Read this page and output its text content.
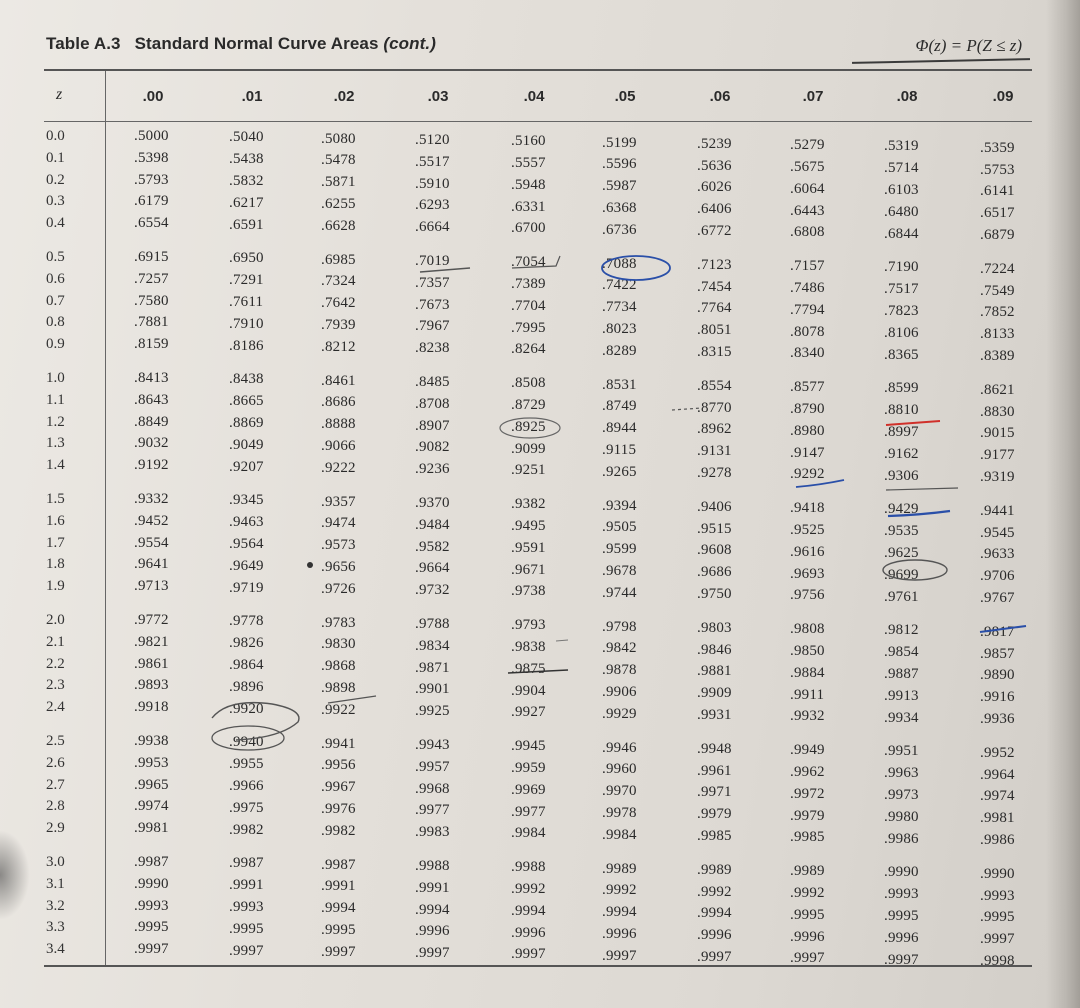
Table A.3 Standard Normal Curve Areas (cont.)	Φ(z) = P(Z ≤ z)
z	.00	.01	.02	.03	.04	.05	.06	.07	.08	.09
0.0	.5000	.5040	.5080	.5120	.5160	.5199	.5239	.5279	.5319	.5359
0.1	.5398	.5438	.5478	.5517	.5557	.5596	.5636	.5675	.5714	.5753
0.2	.5793	.5832	.5871	.5910	.5948	.5987	.6026	.6064	.6103	.6141
0.3	.6179	.6217	.6255	.6293	.6331	.6368	.6406	.6443	.6480	.6517
0.4	.6554	.6591	.6628	.6664	.6700	.6736	.6772	.6808	.6844	.6879
0.5	.6915	.6950	.6985	.7019	.7054	.7088	.7123	.7157	.7190	.7224
0.6	.7257	.7291	.7324	.7357	.7389	.7422	.7454	.7486	.7517	.7549
0.7	.7580	.7611	.7642	.7673	.7704	.7734	.7764	.7794	.7823	.7852
0.8	.7881	.7910	.7939	.7967	.7995	.8023	.8051	.8078	.8106	.8133
0.9	.8159	.8186	.8212	.8238	.8264	.8289	.8315	.8340	.8365	.8389
1.0	.8413	.8438	.8461	.8485	.8508	.8531	.8554	.8577	.8599	.8621
1.1	.8643	.8665	.8686	.8708	.8729	.8749	.8770	.8790	.8810	.8830
1.2	.8849	.8869	.8888	.8907	.8925	.8944	.8962	.8980	.8997	.9015
1.3	.9032	.9049	.9066	.9082	.9099	.9115	.9131	.9147	.9162	.9177
1.4	.9192	.9207	.9222	.9236	.9251	.9265	.9278	.9292	.9306	.9319
1.5	.9332	.9345	.9357	.9370	.9382	.9394	.9406	.9418	.9429	.9441
1.6	.9452	.9463	.9474	.9484	.9495	.9505	.9515	.9525	.9535	.9545
1.7	.9554	.9564	.9573	.9582	.9591	.9599	.9608	.9616	.9625	.9633
1.8	.9641	.9649	.9656	.9664	.9671	.9678	.9686	.9693	.9699	.9706
1.9	.9713	.9719	.9726	.9732	.9738	.9744	.9750	.9756	.9761	.9767
2.0	.9772	.9778	.9783	.9788	.9793	.9798	.9803	.9808	.9812	.9817
2.1	.9821	.9826	.9830	.9834	.9838	.9842	.9846	.9850	.9854	.9857
2.2	.9861	.9864	.9868	.9871	.9875	.9878	.9881	.9884	.9887	.9890
2.3	.9893	.9896	.9898	.9901	.9904	.9906	.9909	.9911	.9913	.9916
2.4	.9918	.9920	.9922	.9925	.9927	.9929	.9931	.9932	.9934	.9936
2.5	.9938	.9940	.9941	.9943	.9945	.9946	.9948	.9949	.9951	.9952
2.6	.9953	.9955	.9956	.9957	.9959	.9960	.9961	.9962	.9963	.9964
2.7	.9965	.9966	.9967	.9968	.9969	.9970	.9971	.9972	.9973	.9974
2.8	.9974	.9975	.9976	.9977	.9977	.9978	.9979	.9979	.9980	.9981
2.9	.9981	.9982	.9982	.9983	.9984	.9984	.9985	.9985	.9986	.9986
3.0	.9987	.9987	.9987	.9988	.9988	.9989	.9989	.9989	.9990	.9990
3.1	.9990	.9991	.9991	.9991	.9992	.9992	.9992	.9992	.9993	.9993
3.2	.9993	.9993	.9994	.9994	.9994	.9994	.9994	.9995	.9995	.9995
3.3	.9995	.9995	.9995	.9996	.9996	.9996	.9996	.9996	.9996	.9997
3.4	.9997	.9997	.9997	.9997	.9997	.9997	.9997	.9997	.9997	.9998
